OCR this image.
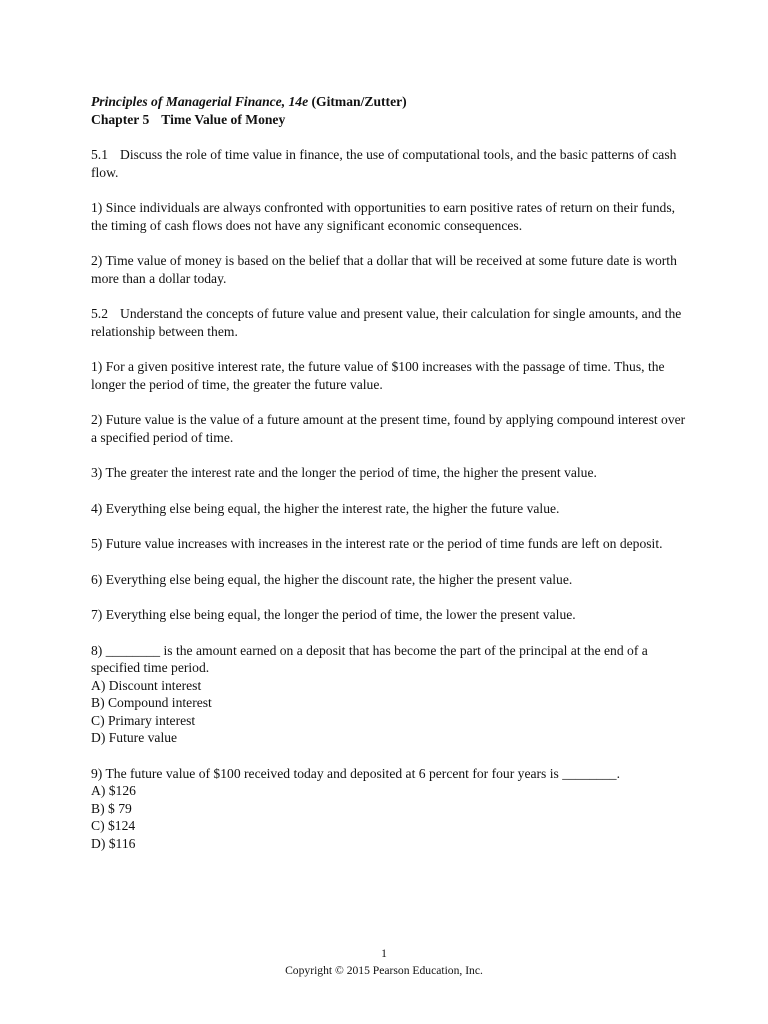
Principles of Managerial Finance, 14e (Gitman/Zutter)

Chapter 5 Time Value of Money

5.1 Discuss the role of time value in finance, the use of computational tools, and the basic patterns of cash flow.

1) Since individuals are always confronted with opportunities to earn positive rates of return on their funds, the timing of cash flows does not have any significant economic consequences.

2) Time value of money is based on the belief that a dollar that will be received at some future date is worth more than a dollar today.

5.2 Understand the concepts of future value and present value, their calculation for single amounts, and the relationship between them.

1) For a given positive interest rate, the future value of $100 increases with the passage of time. Thus, the longer the period of time, the greater the future value.

2) Future value is the value of a future amount at the present time, found by applying compound interest over a specified period of time.

3) The greater the interest rate and the longer the period of time, the higher the present value.

4) Everything else being equal, the higher the interest rate, the higher the future value.

5) Future value increases with increases in the interest rate or the period of time funds are left on deposit.

6) Everything else being equal, the higher the discount rate, the higher the present value.

7) Everything else being equal, the longer the period of time, the lower the present value.

8) ________ is the amount earned on a deposit that has become the part of the principal at the end of a specified time period.

A) Discount interest

B) Compound interest

C) Primary interest

D) Future value

9) The future value of $100 received today and deposited at 6 percent for four years is ________.

A) $126

B) $ 79

C) $124

D) $116

1
Copyright © 2015 Pearson Education, Inc.
